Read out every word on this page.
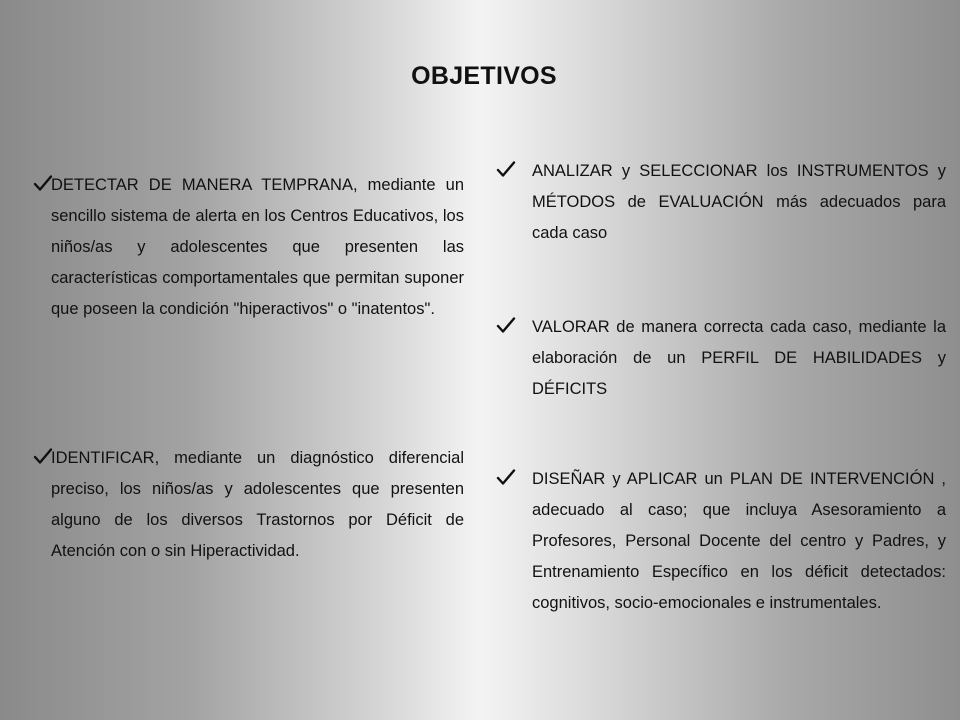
OBJETIVOS
DETECTAR DE MANERA TEMPRANA, mediante un sencillo sistema de alerta en los Centros Educativos, los niños/as y adolescentes que presenten las características comportamentales que permitan suponer que poseen la condición "hiperactivos" o "inatentos".
IDENTIFICAR, mediante un diagnóstico diferencial preciso, los niños/as y adolescentes que presenten alguno de los diversos Trastornos por Déficit de Atención con o sin Hiperactividad.
ANALIZAR y SELECCIONAR los INSTRUMENTOS y MÉTODOS de EVALUACIÓN más adecuados para cada caso
VALORAR de manera correcta cada caso, mediante la elaboración de un PERFIL DE HABILIDADES y DÉFICITS
DISEÑAR y APLICAR un PLAN DE INTERVENCIÓN , adecuado al caso; que incluya Asesoramiento a Profesores, Personal Docente del centro y Padres, y Entrenamiento Específico en los déficit detectados: cognitivos, socio-emocionales e instrumentales.
